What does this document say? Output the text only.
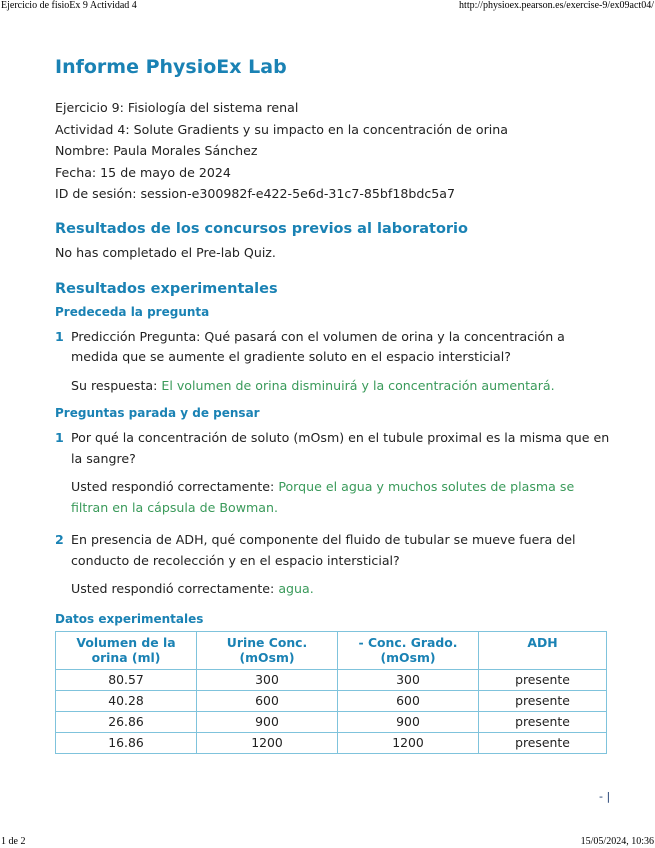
Ejercicio de fisioEx 9 Actividad 4	http://physioex.pearson.es/exercise-9/ex09act04/
Informe PhysioEx Lab
Ejercicio 9: Fisiología del sistema renal
Actividad 4: Solute Gradients y su impacto en la concentración de orina
Nombre: Paula Morales Sánchez
Fecha: 15 de mayo de 2024
ID de sesión: session-e300982f-e422-5e6d-31c7-85bf18bdc5a7
Resultados de los concursos previos al laboratorio
No has completado el Pre-lab Quiz.
Resultados experimentales
Predeceda la pregunta
1 Predicción Pregunta: Qué pasará con el volumen de orina y la concentración a medida que se aumente el gradiente soluto en el espacio intersticial?
Su respuesta: El volumen de orina disminuirá y la concentración aumentará.
Preguntas parada y de pensar
1 Por qué la concentración de soluto (mOsm) en el tubule proximal es la misma que en la sangre?
Usted respondió correctamente: Porque el agua y muchos solutes de plasma se filtran en la cápsula de Bowman.
2 En presencia de ADH, qué componente del fluido de tubular se mueve fuera del conducto de recolección y en el espacio intersticial?
Usted respondió correctamente: agua.
Datos experimentales
Volumen de la orina (ml)	Urine Conc. (mOsm)	- Conc. Grado. (mOsm)	ADH
80.57	300	300	presente
40.28	600	600	presente
26.86	900	900	presente
16.86	1200	1200	presente
- |
1 de 2	15/05/2024, 10:36
